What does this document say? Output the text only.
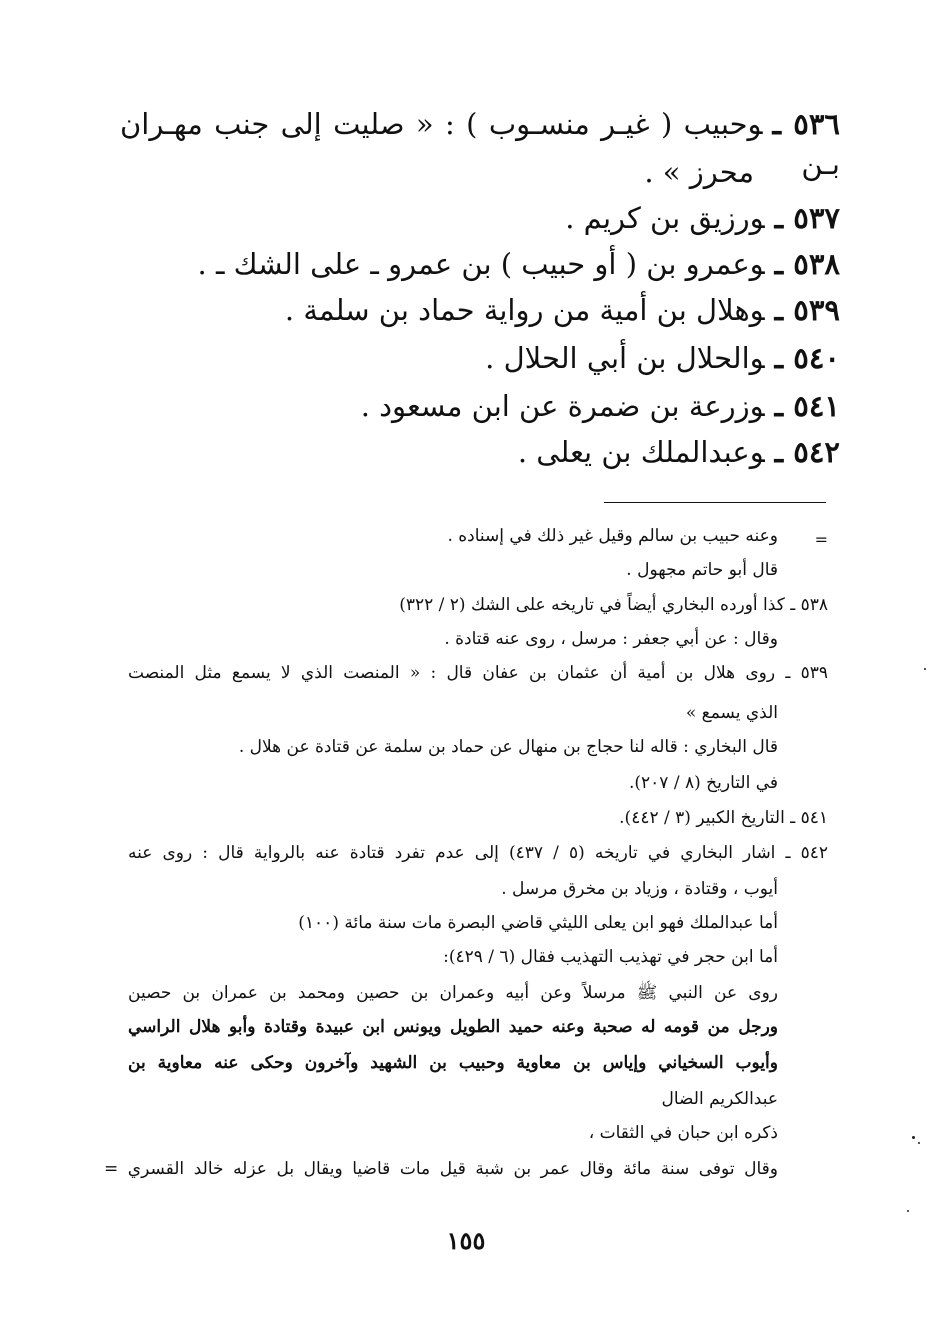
٥٣٦ ـوحبيب ( غيـر منسـوب ) : « صليت إلى جنب مهـران بـن
محرز » .
٥٣٧ ـورزيق بن كريم .
٥٣٨ ـوعمرو بن ( أو حبيب ) بن عمرو ـ على الشك ـ .
٥٣٩ ـوهلال بن أمية من رواية حماد بن سلمة .
٥٤٠ ـوالحلال بن أبي الحلال .
٥٤١ ـوزرعة بن ضمرة عن ابن مسعود .
٥٤٢ ـوعبدالملك بن يعلى .
=
وعنه حبيب بن سالم وقيل غير ذلك في إسناده .
قال أبو حاتم مجهول .
٥٣٨ ـ كذا أورده البخاري أيضاً في تاريخه على الشك (٢ / ٣٢٢)
وقال : عن أبي جعفر : مرسل ، روى عنه قتادة .
٥٣٩ ـ روى هلال بن أمية أن عثمان بن عفان قال : « المنصت الذي لا يسمع مثل المنصت
الذي يسمع »
قال البخاري : قاله لنا حجاج بن منهال عن حماد بن سلمة عن قتادة عن هلال .
في التاريخ (٨ / ٢٠٧).
٥٤١ ـ التاريخ الكبير (٣ / ٤٤٢).
٥٤٢ ـ اشار البخاري في تاريخه (٥ / ٤٣٧) إلى عدم تفرد قتادة عنه بالرواية قال : روى عنه
أيوب ، وقتادة ، وزياد بن مخرق مرسل .
أما عبدالملك فهو ابن يعلى الليثي قاضي البصرة مات سنة مائة (١٠٠)
أما ابن حجر في تهذيب التهذيب فقال (٦ / ٤٢٩):
روى عن النبي ﷺ مرسلاً وعن أبيه وعمران بن حصين ومحمد بن عمران بن حصين
ورجل من قومه له صحبة وعنه حميد الطويل ويونس ابن عبيدة وقتادة وأبو هلال الراسي
وأيوب السخياني وإياس بن معاوية وحبيب بن الشهيد وآخرون وحكى عنه معاوية بن
عبدالكريم الضال
ذكره ابن حبان في الثقات ،
وقال توفى سنة مائة وقال عمر بن شبة قيل مات قاضيا ويقال بل عزله خالد القسري =
١٥٥
